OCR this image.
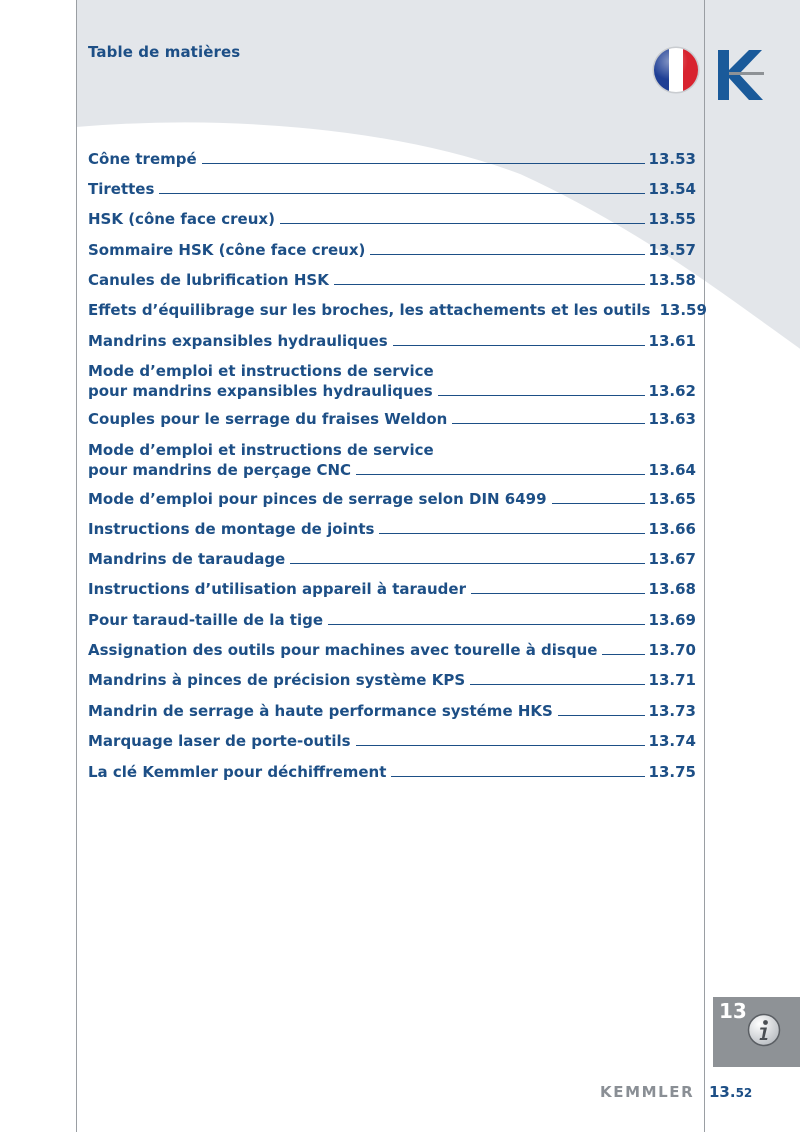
Table de matières
Cône trempé	13.53
Tirettes	13.54
HSK (cône face creux)	13.55
Sommaire HSK (cône face creux)	13.57
Canules de lubrification HSK	13.58
Effets d’équilibrage sur les broches, les attachements et les outils 13.59
Mandrins expansibles hydrauliques	13.61
Mode d’emploi et instructions de service
pour mandrins expansibles hydrauliques	13.62
Couples pour le serrage du fraises Weldon	13.63
Mode d’emploi et instructions de service
pour mandrins de perçage CNC	13.64
Mode d’emploi pour pinces de serrage selon DIN 6499	13.65
Instructions de montage de joints	13.66
Mandrins de taraudage	13.67
Instructions d’utilisation appareil à tarauder	13.68
Pour taraud-taille de la tige	13.69
Assignation des outils pour machines avec tourelle à disque	13.70
Mandrins à pinces de précision système KPS	13.71
Mandrin de serrage à haute performance systéme HKS	13.73
Marquage laser de porte-outils	13.74
La clé Kemmler pour déchiffrement	13.75
13
KEMMLER 13.52
